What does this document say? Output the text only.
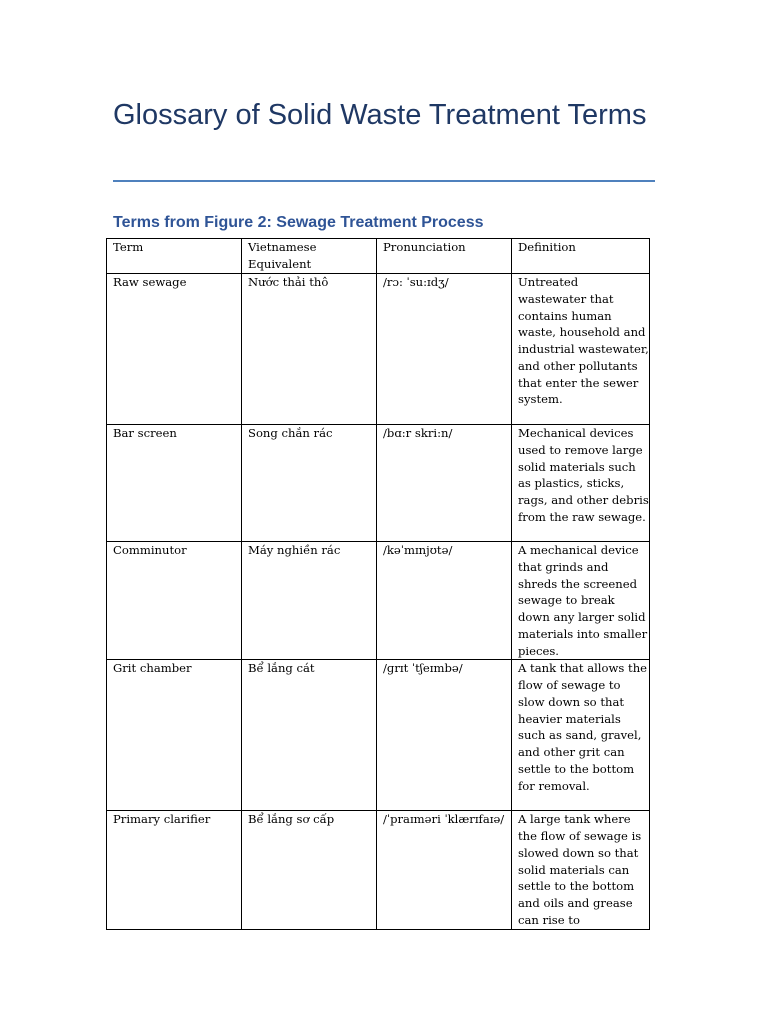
Glossary of Solid Waste Treatment Terms
Terms from Figure 2: Sewage Treatment Process
Term	Vietnamese Equivalent	Pronunciation	Definition
Raw sewage	Nước thải thô	/rɔ: ˈsu:ɪdʒ/	Untreated wastewater that contains human waste, household and industrial wastewater, and other pollutants that enter the sewer system.
Bar screen	Song chắn rác	/bɑ:r skri:n/	Mechanical devices used to remove large solid materials such as plastics, sticks, rags, and other debris from the raw sewage.
Comminutor	Máy nghiền rác	/kəˈmɪnjʊtə/	A mechanical device that grinds and shreds the screened sewage to break down any larger solid materials into smaller pieces.
Grit chamber	Bể lắng cát	/ɡrɪt ˈtʃeɪmbə/	A tank that allows the flow of sewage to slow down so that heavier materials such as sand, gravel, and other grit can settle to the bottom for removal.
Primary clarifier	Bể lắng sơ cấp	/ˈpraɪməri ˈklærɪfaɪə/	A large tank where the flow of sewage is slowed down so that solid materials can settle to the bottom and oils and grease can rise to
